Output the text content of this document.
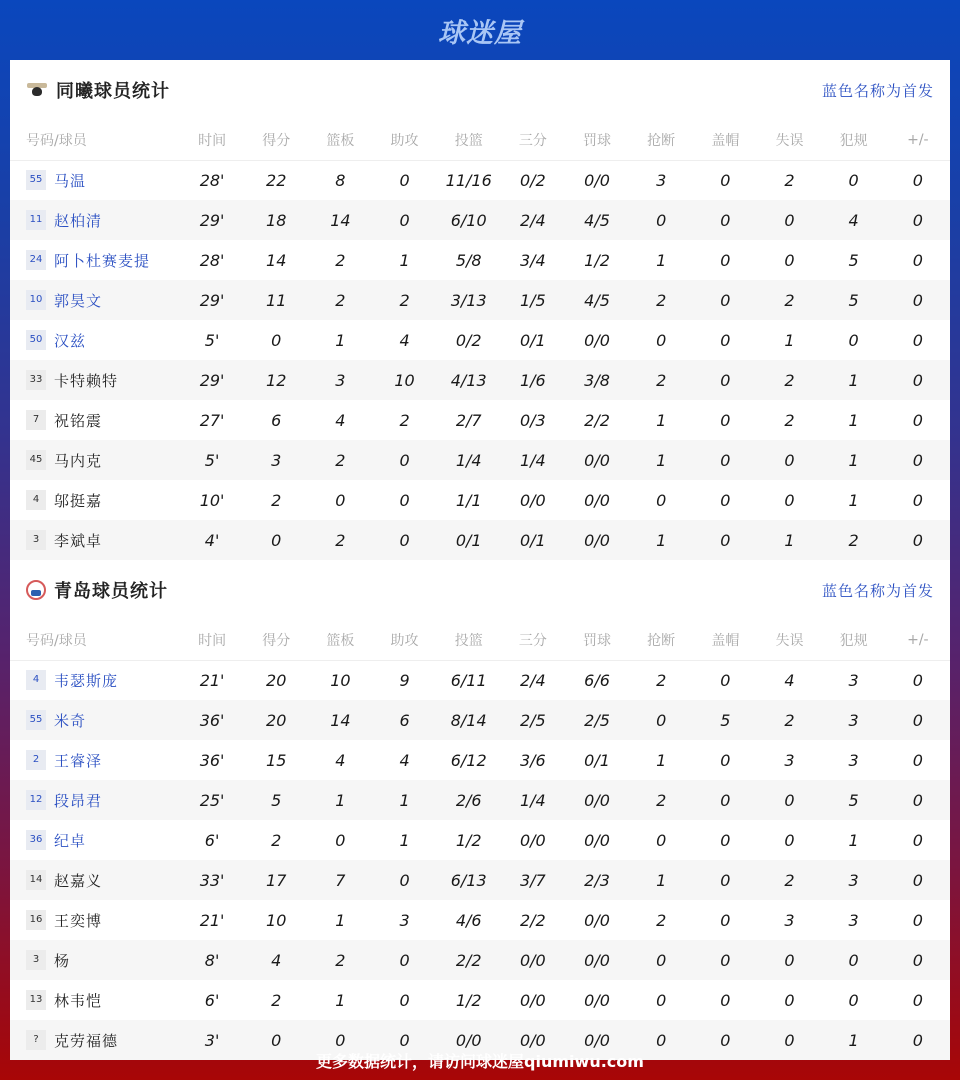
球迷屋
同曦球员统计	蓝色名称为首发
号码/球员	时间	得分	篮板	助攻	投篮	三分	罚球	抢断	盖帽	失误	犯规	+/-
55 马温	28'	22	8	0	11/16	0/2	0/0	3	0	2	0	0
11 赵柏清	29'	18	14	0	6/10	2/4	4/5	0	0	0	4	0
24 阿卜杜赛麦提	28'	14	2	1	5/8	3/4	1/2	1	0	0	5	0
10 郭昊文	29'	11	2	2	3/13	1/5	4/5	2	0	2	5	0
50 汉兹	5'	0	1	4	0/2	0/1	0/0	0	0	1	0	0
33 卡特赖特	29'	12	3	10	4/13	1/6	3/8	2	0	2	1	0
7 祝铭震	27'	6	4	2	2/7	0/3	2/2	1	0	2	1	0
45 马内克	5'	3	2	0	1/4	1/4	0/0	1	0	0	1	0
4 邬挺嘉	10'	2	0	0	1/1	0/0	0/0	0	0	0	1	0
3 李斌卓	4'	0	2	0	0/1	0/1	0/0	1	0	1	2	0
青岛球员统计	蓝色名称为首发
号码/球员	时间	得分	篮板	助攻	投篮	三分	罚球	抢断	盖帽	失误	犯规	+/-
4 韦瑟斯庞	21'	20	10	9	6/11	2/4	6/6	2	0	4	3	0
55 米奇	36'	20	14	6	8/14	2/5	2/5	0	5	2	3	0
2 王睿泽	36'	15	4	4	6/12	3/6	0/1	1	0	3	3	0
12 段昂君	25'	5	1	1	2/6	1/4	0/0	2	0	0	5	0
36 纪卓	6'	2	0	1	1/2	0/0	0/0	0	0	0	1	0
14 赵嘉义	33'	17	7	0	6/13	3/7	2/3	1	0	2	3	0
16 王奕博	21'	10	1	3	4/6	2/2	0/0	2	0	3	3	0
3 杨	8'	4	2	0	2/2	0/0	0/0	0	0	0	0	0
13 林韦恺	6'	2	1	0	1/2	0/0	0/0	0	0	0	0	0
? 克劳福德	3'	0	0	0	0/0	0/0	0/0	0	0	0	1	0
更多数据统计，请访问球迷屋qiumiwu.com
